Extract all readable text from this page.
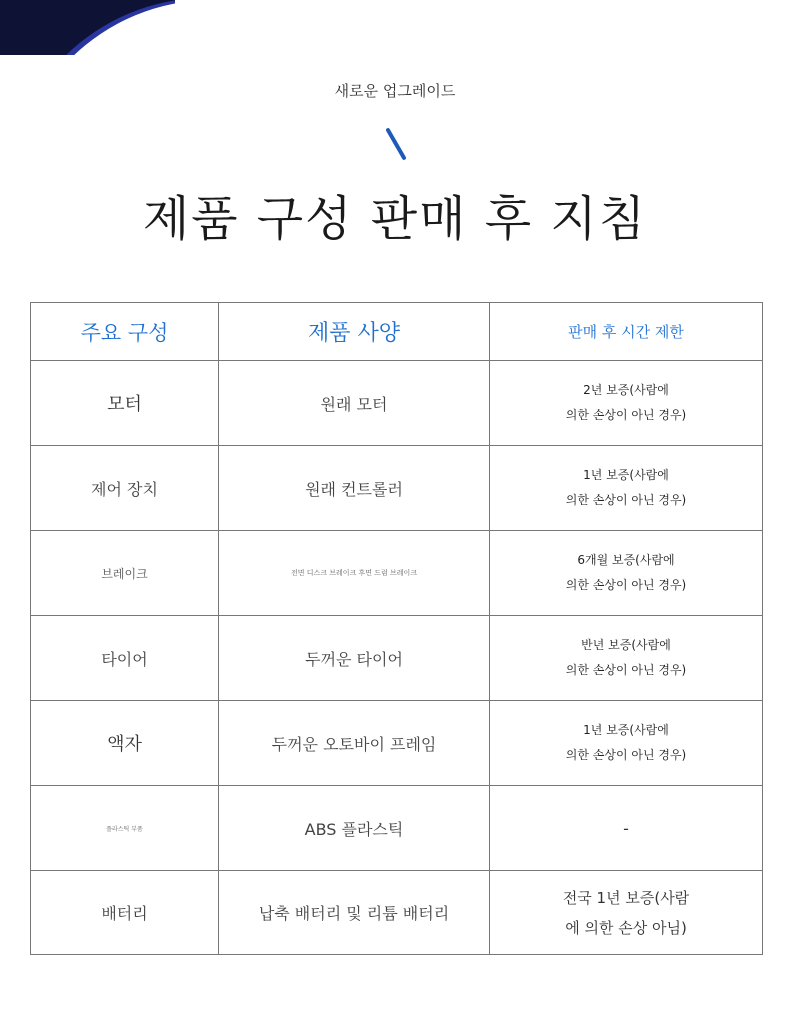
새로운 업그레이드
제품 구성 판매 후 지침
주요 구성	제품 사양	판매 후 시간 제한
모터	원래 모터	2년 보증(사람에
의한 손상이 아닌 경우)

제어 장치	원래 컨트롤러	1년 보증(사람에
의한 손상이 아닌 경우)

브레이크	전면 디스크 브레이크 후면 드럼 브레이크	6개월 보증(사람에
의한 손상이 아닌 경우)

타이어	두꺼운 타이어	반년 보증(사람에
의한 손상이 아닌 경우)

액자	두꺼운 오토바이 프레임	1년 보증(사람에
의한 손상이 아닌 경우)

플라스틱 부품	ABS 플라스틱	-
배터리	납축 배터리 및 리튬 배터리	전국 1년 보증(사람
에 의한 손상 아님)
